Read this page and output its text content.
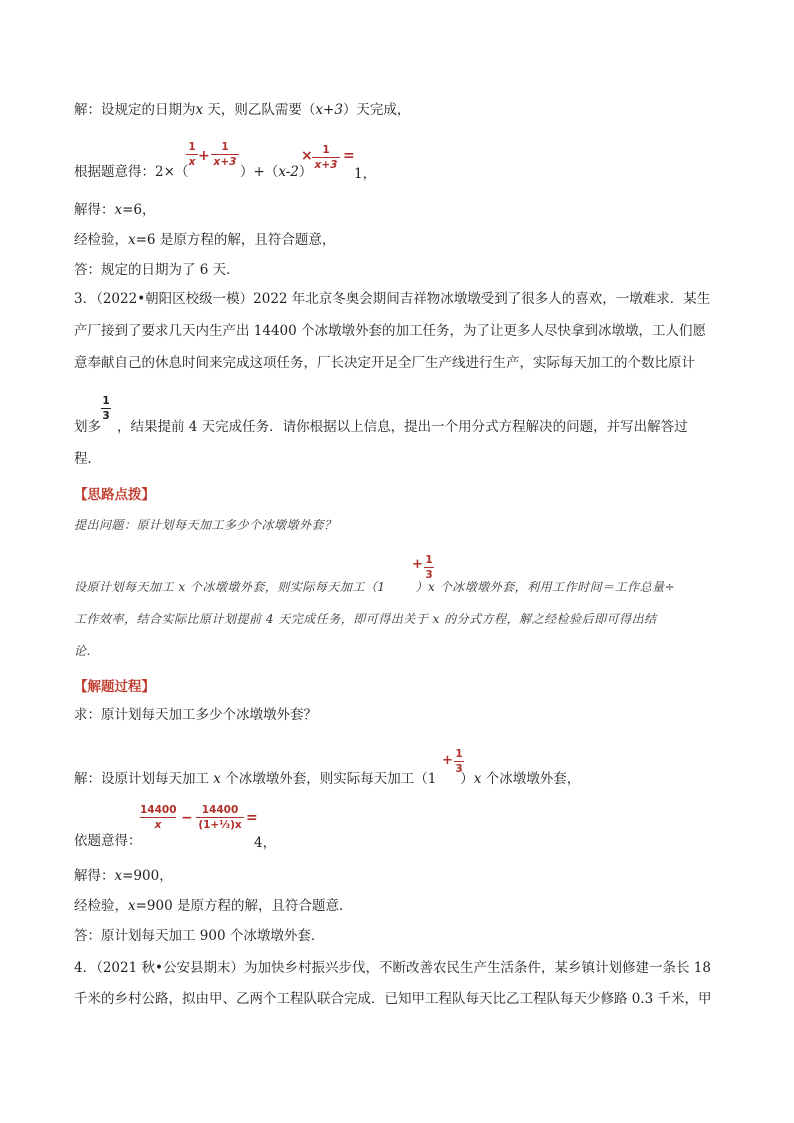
解：设规定的日期为x 天，则乙队需要（x+3）天完成，
根据题意得：2×（
1
x +
1
x+3
）+（x-2）
× 1
x+3
=
1，
解得：x=6，
经检验，x=6 是原方程的解，且符合题意，
答：规定的日期为了 6 天．
3．（2022•朝阳区校级一模）2022 年北京冬奥会期间吉祥物冰墩墩受到了很多人的喜欢，一墩难求．某生
产厂接到了要求几天内生产出 14400 个冰墩墩外套的加工任务，为了让更多人尽快拿到冰墩墩，工人们愿
意奉献自己的休息时间来完成这项任务，厂长决定开足全厂生产线进行生产，实际每天加工的个数比原计
1
3
划多 ，结果提前 4 天完成任务．请你根据以上信息，提出一个用分式方程解决的问题，并写出解答过
程．
【思路点拨】
提出问题：原计划每天加工多少个冰墩墩外套？
+ 1
3
设原计划每天加工 x 个冰墩墩外套，则实际每天加工（1	）x 个冰墩墩外套，利用工作时间＝工作总量÷
工作效率，结合实际比原计划提前 4 天完成任务，即可得出关于 x 的分式方程，解之经检验后即可得出结
论．
【解题过程】
求：原计划每天加工多少个冰墩墩外套？
+ 1
3
解：设原计划每天加工 x 个冰墩墩外套，则实际每天加工（1 ）x 个冰墩墩外套，
14400
x	− 14400
(1+⅓)x =
依题意得：	4，
解得：x=900，
经检验，x=900 是原方程的解，且符合题意．
答：原计划每天加工 900 个冰墩墩外套．
4．（2021 秋•公安县期末）为加快乡村振兴步伐，不断改善农民生产生活条件，某乡镇计划修建一条长 18
千米的乡村公路，拟由甲、乙两个工程队联合完成．已知甲工程队每天比乙工程队每天少修路 0.3 千米，甲
